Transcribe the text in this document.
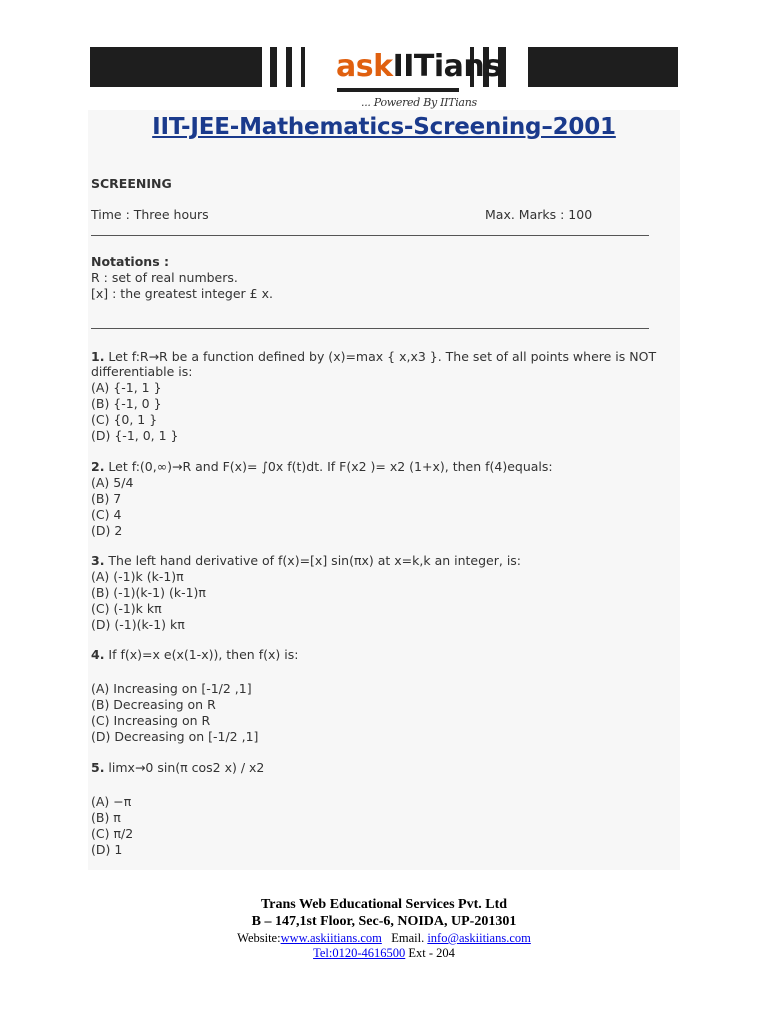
askIITians
... Powered By IITians
IIT-JEE-Mathematics-Screening–2001
SCREENING
Time : Three hours	Max. Marks : 100
Notations :
R : set of real numbers.
[x] : the greatest integer £ x.
1. Let f:R→R be a function defined by (x)=max { x,x3 }. The set of all points where is NOT
differentiable is:
(A) {-1, 1 }
(B) {-1, 0 }
(C) {0, 1 }
(D) {-1, 0, 1 }
2. Let f:(0,∞)→R and F(x)= ∫0x f(t)dt. If F(x2 )= x2 (1+x), then f(4)equals:
(A) 5/4
(B) 7
(C) 4
(D) 2
3. The left hand derivative of f(x)=[x] sin(πx) at x=k,k an integer, is:
(A) (-1)k (k-1)π
(B) (-1)(k-1) (k-1)π
(C) (-1)k kπ
(D) (-1)(k-1) kπ
4. If f(x)=x e(x(1-x)), then f(x) is:
(A) Increasing on [-1/2 ,1]
(B) Decreasing on R
(C) Increasing on R
(D) Decreasing on [-1/2 ,1]
5. limx→0 sin(π cos2 x) / x2
(A) −π
(B) π
(C) π/2
(D) 1
Trans Web Educational Services Pvt. Ltd
B – 147,1st Floor, Sec-6, NOIDA, UP-201301
Website:www.askiitians.com   Email. info@askiitians.com
Tel:0120-4616500 Ext - 204
